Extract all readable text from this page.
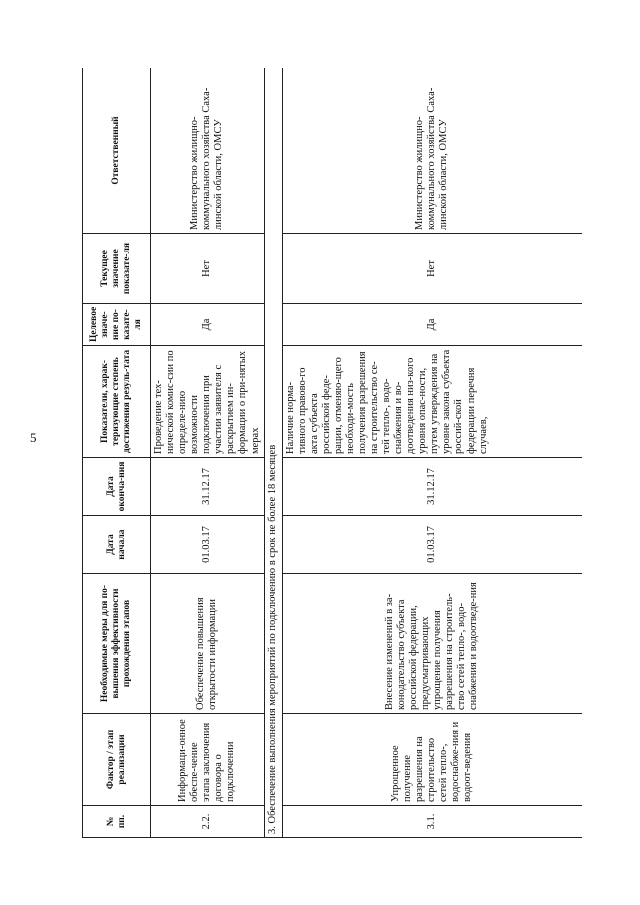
5
№ пп.	Фактор / этап реализации	Необходимые меры для по-вышения эффективности прохождения этапов	Дата начала	Дата оконча-ния	Показатели, харак-теризующие степень достижения резуль-тата	Целевое значе-ние по-казате-ля	Текущее значение показате-ля	Ответственный
2.2.	Информаци-онное обеспе-чение этапа заключения договора о подключении	Обеспечение повышения открытости информации	01.03.17	31.12.17	Проведение тех-нической комис-сии по определе-нию возможности подключения при участии заявителя с раскрытием ин-формации о при-нятых мерах	Да	Нет	Министерство жилищно-коммунального хозяйства Саха-линской области, ОМСУ
3. Обеспечение выполнения мероприятий по подключению в срок не более 18 месяцев								
3.1.	Упрощенное получение разрешения на строительство сетей тепло-, водоснабже-ния и водоот-ведения	Внесение изменений в за-конодательство субъекта российской федерации, предусматривающих упрощение получения разрешения на строитель-ство сетей тепло-, водо-снабжения и водоотведе-ния	01.03.17	31.12.17	Наличие норма-тивного правово-го акта субъекта российской феде-рации, отменяю-щего необходи-мость получения разрешения на строительство се-тей тепло-, водо-снабжения и во-доотведения низ-кого уровня опас-ности, путем утверждения на уровне закона субъекта россий-ской федерации перечня случаев,	Да	Нет	Министерство жилищно-коммунального хозяйства Саха-линской области, ОМСУ
